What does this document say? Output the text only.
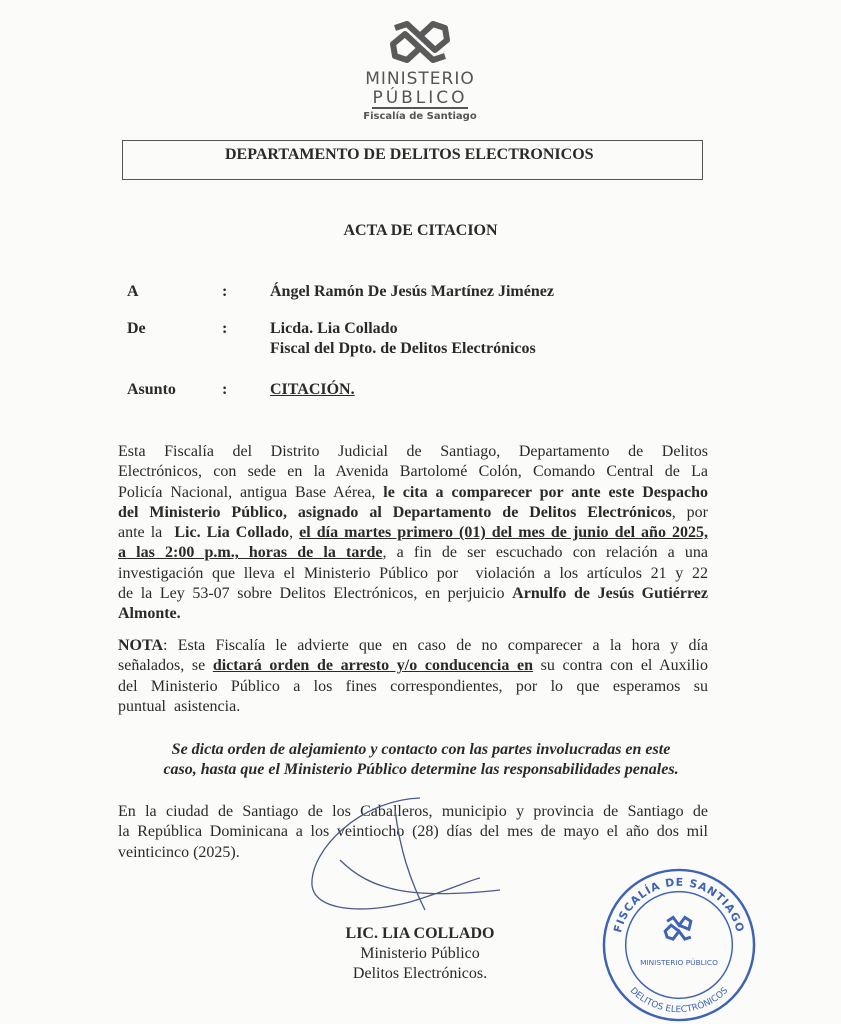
MINISTERIO
PÚBLICO
Fiscalía de Santiago
DEPARTAMENTO DE DELITOS ELECTRONICOS
ACTA DE CITACION
A	:	Ángel Ramón De Jesús Martínez Jiménez
De	:	Licda. Lia Collado
Fiscal del Dpto. de Delitos Electrónicos
Asunto	:	CITACIÓN.
Esta Fiscalía del Distrito Judicial de Santiago, Departamento de Delitos
Electrónicos, con sede en la Avenida Bartolomé Colón, Comando Central de La
Policía Nacional, antigua Base Aérea, le cita a comparecer por ante este Despacho
del Ministerio Público, asignado al Departamento de Delitos Electrónicos, por
ante la  Lic. Lia Collado, el día martes primero (01) del mes de junio del año 2025,
a las 2:00 p.m., horas de la tarde, a fin de ser escuchado con relación a una
investigación que lleva el Ministerio Público por  violación a los artículos 21 y 22
de la Ley 53-07 sobre Delitos Electrónicos, en perjuicio Arnulfo de Jesús Gutiérrez
Almonte.
NOTA: Esta Fiscalía le advierte que en caso de no comparecer a la hora y día
señalados, se dictará orden de arresto y/o conducencia en su contra con el Auxilio
del Ministerio Público a los fines correspondientes, por lo que esperamos su
puntual  asistencia.
Se dicta orden de alejamiento y contacto con las partes involucradas en este
caso, hasta que el Ministerio Público determine las responsabilidades penales.
En la ciudad de Santiago de los Caballeros, municipio y provincia de Santiago de
la República Dominicana a los veintiocho (28) días del mes de mayo el año dos mil
veinticinco (2025).
FISCALÍA DE SANTIAGO
DELITOS ELECTRÓNICOS
MINISTERIO PÚBLICO
LIC. LIA COLLADO
Ministerio Público
Delitos Electrónicos.
